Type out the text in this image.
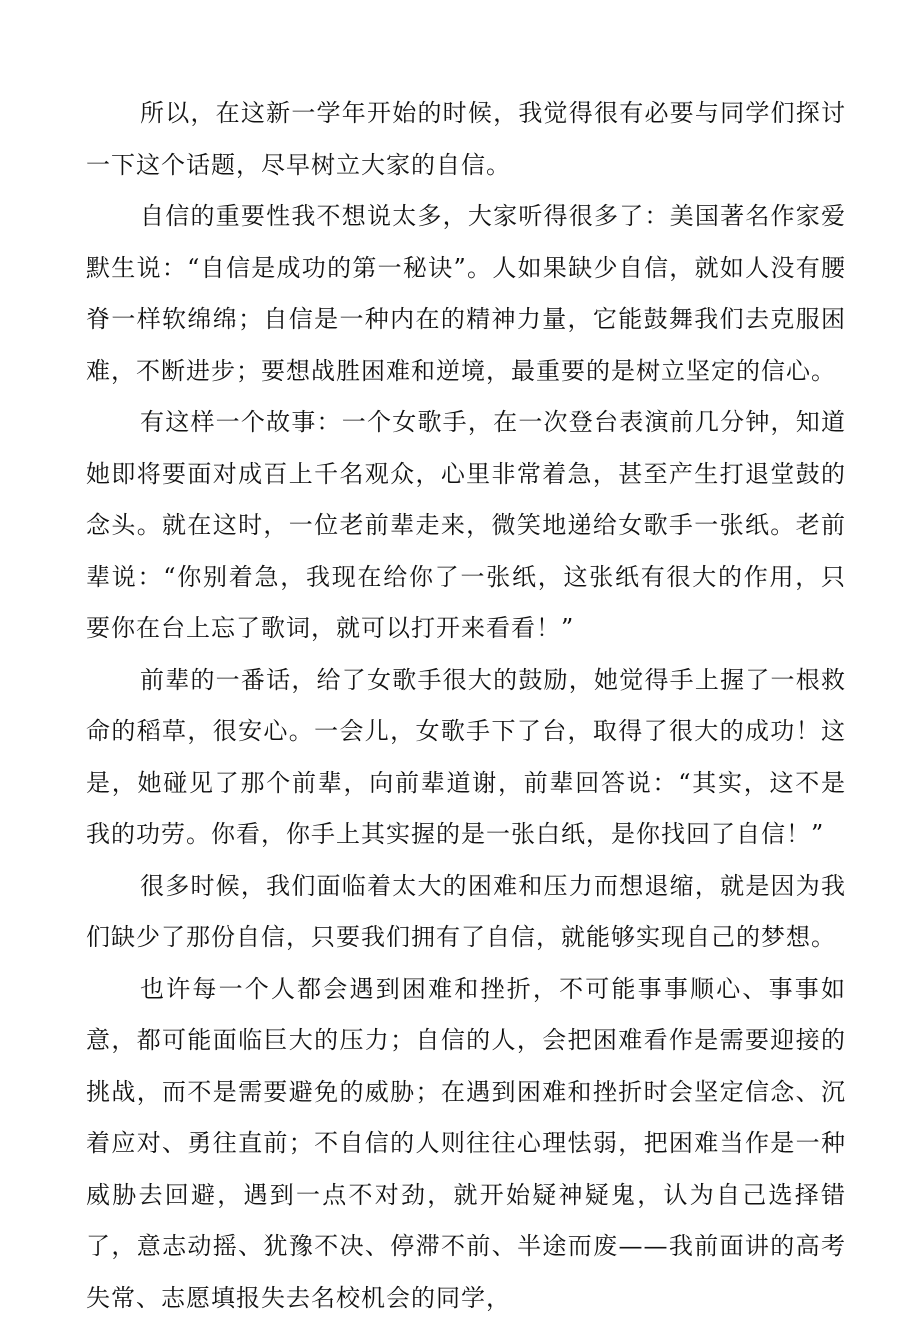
所以，在这新一学年开始的时候，我觉得很有必要与同学们探讨一下这个话题，尽早树立大家的自信。

自信的重要性我不想说太多，大家听得很多了：美国著名作家爱默生说：“自信是成功的第一秘诀”。人如果缺少自信，就如人没有腰脊一样软绵绵；自信是一种内在的精神力量，它能鼓舞我们去克服困难，不断进步；要想战胜困难和逆境，最重要的是树立坚定的信心。

有这样一个故事：一个女歌手，在一次登台表演前几分钟，知道她即将要面对成百上千名观众，心里非常着急，甚至产生打退堂鼓的念头。就在这时，一位老前辈走来，微笑地递给女歌手一张纸。老前辈说：“你别着急，我现在给你了一张纸，这张纸有很大的作用，只要你在台上忘了歌词，就可以打开来看看！”

前辈的一番话，给了女歌手很大的鼓励，她觉得手上握了一根救命的稻草，很安心。一会儿，女歌手下了台，取得了很大的成功！这是，她碰见了那个前辈，向前辈道谢，前辈回答说：“其实，这不是我的功劳。你看，你手上其实握的是一张白纸，是你找回了自信！”

很多时候，我们面临着太大的困难和压力而想退缩，就是因为我们缺少了那份自信，只要我们拥有了自信，就能够实现自己的梦想。

也许每一个人都会遇到困难和挫折，不可能事事顺心、事事如意，都可能面临巨大的压力；自信的人，会把困难看作是需要迎接的挑战，而不是需要避免的威胁；在遇到困难和挫折时会坚定信念、沉着应对、勇往直前；不自信的人则往往心理怯弱，把困难当作是一种威胁去回避，遇到一点不对劲，就开始疑神疑鬼，认为自己选择错了，意志动摇、犹豫不决、停滞不前、半途而废——我前面讲的高考失常、志愿填报失去名校机会的同学，
